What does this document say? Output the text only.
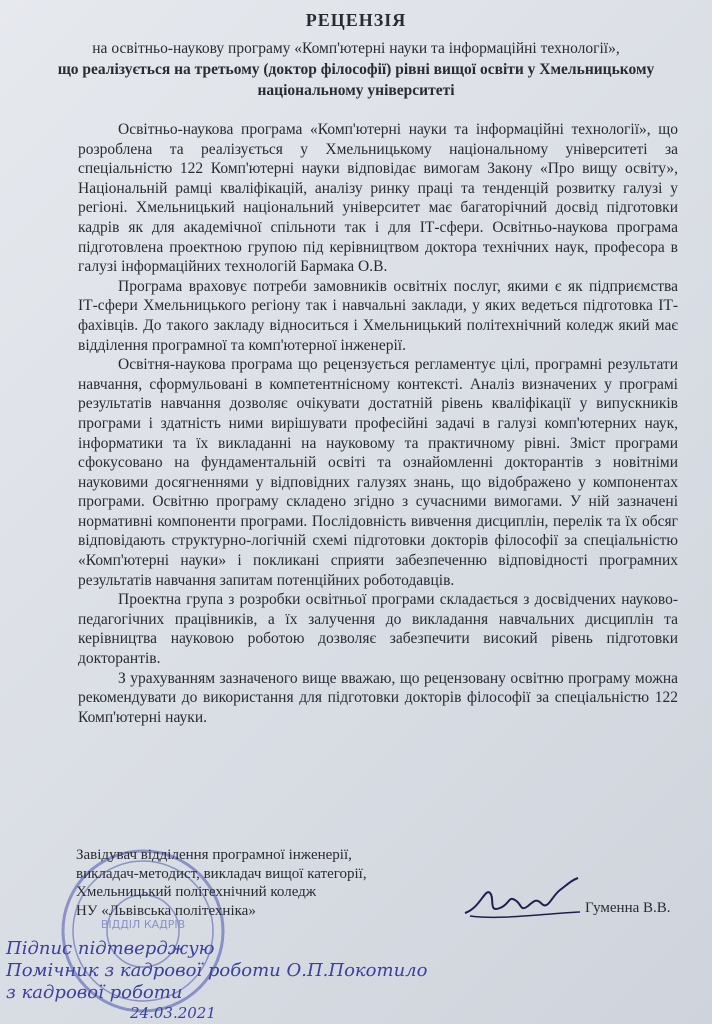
РЕЦЕНЗІЯ
на освітньо-наукову програму «Комп'ютерні науки та інформаційні технології»,
що реалізується на третьому (доктор філософії) рівні вищої освіти у Хмельницькому національному університеті

Освітньо-наукова програма «Комп'ютерні науки та інформаційні технології», що розроблена та реалізується у Хмельницькому національному університеті за спеціальністю 122 Комп'ютерні науки відповідає вимогам Закону «Про вищу освіту», Національній рамці кваліфікацій, аналізу ринку праці та тенденцій розвитку галузі у регіоні. Хмельницький національний університет має багаторічний досвід підготовки кадрів як для академічної спільноти так і для ІТ-сфери. Освітньо-наукова програма підготовлена проектною групою під керівництвом доктора технічних наук, професора в галузі інформаційних технологій Бармака О.В.

Програма враховує потреби замовників освітніх послуг, якими є як підприємства ІТ-сфери Хмельницького регіону так і навчальні заклади, у яких ведеться підготовка ІТ-фахівців. До такого закладу відноситься і Хмельницький політехнічний коледж який має відділення програмної та комп'ютерної інженерії.

Освітня-наукова програма що рецензується регламентує цілі, програмні результати навчання, сформульовані в компетентнісному контексті. Аналіз визначених у програмі результатів навчання дозволяє очікувати достатній рівень кваліфікації у випускників програми і здатність ними вирішувати професійні задачі в галузі комп'ютерних наук, інформатики та їх викладанні на науковому та практичному рівні. Зміст програми сфокусовано на фундаментальній освіті та ознайомленні докторантів з новітніми науковими досягненнями у відповідних галузях знань, що відображено у компонентах програми. Освітню програму складено згідно з сучасними вимогами. У ній зазначені нормативні компоненти програми. Послідовність вивчення дисциплін, перелік та їх обсяг відповідають структурно-логічній схемі підготовки докторів філософії за спеціальністю «Комп'ютерні науки» і покликані сприяти забезпеченню відповідності програмних результатів навчання запитам потенційних роботодавців.

Проектна група з розробки освітньої програми складається з досвідчених науково-педагогічних працівників, а їх залучення до викладання навчальних дисциплін та керівництва науковою роботою дозволяє забезпечити високий рівень підготовки докторантів.

З урахуванням зазначеного вище вважаю, що рецензовану освітню програму можна рекомендувати до використання для підготовки докторів філософії за спеціальністю 122 Комп'ютерні науки.

ВІДДІЛ КАДРІВ
Завідувач відділення програмної інженерії,
викладач-методист, викладач вищої категорії,
Хмельницький політехнічний коледж
НУ «Львівська політехніка»	Гуменна В.В.
Підпис підтверджую
Помічник з кадрової роботи О.П.Покотило
з кадрової роботи
24.03.2021
